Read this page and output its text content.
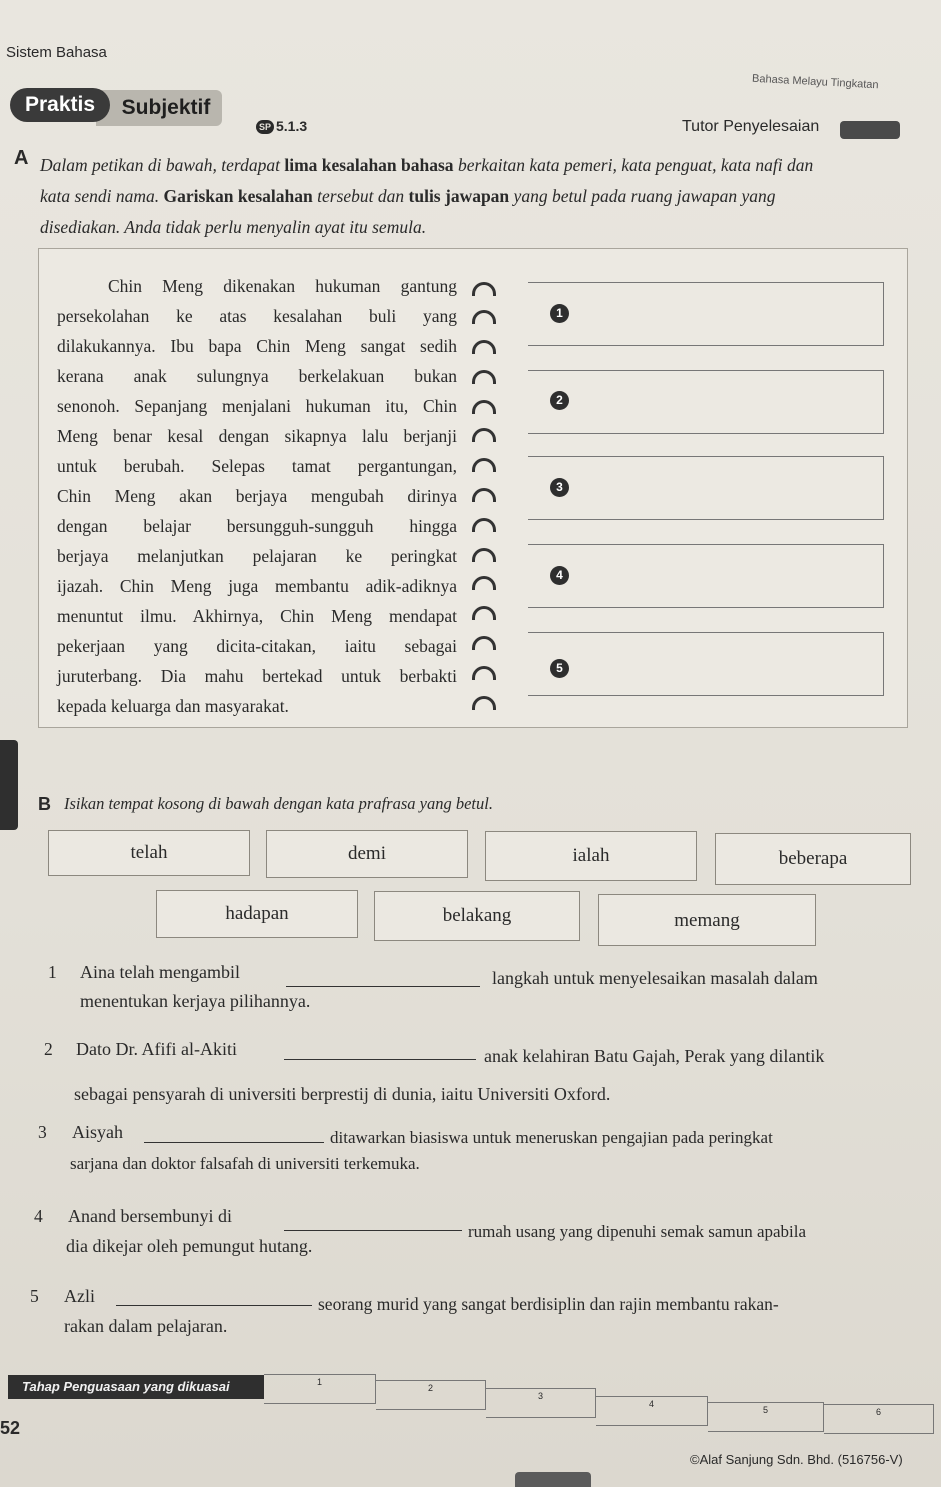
Sistem Bahasa
Bahasa Melayu Tingkatan
Subjektif
Praktis
SP 5.1.3	Tutor Penyelesaian
A Dalam petikan di bawah, terdapat lima kesalahan bahasa berkaitan kata pemeri, kata penguat, kata nafi dan
kata sendi nama. Gariskan kesalahan tersebut dan tulis jawapan yang betul pada ruang jawapan yang
disediakan. Anda tidak perlu menyalin ayat itu semula.
Chin Meng dikenakan hukuman gantung
persekolahan ke atas kesalahan buli yang
dilakukannya. Ibu bapa Chin Meng sangat sedih
kerana anak sulungnya berkelakuan bukan
senonoh. Sepanjang menjalani hukuman itu, Chin
Meng benar kesal dengan sikapnya lalu berjanji
untuk berubah. Selepas tamat pergantungan,
Chin Meng akan berjaya mengubah dirinya
dengan belajar bersungguh-sungguh hingga
berjaya melanjutkan pelajaran ke peringkat
ijazah. Chin Meng juga membantu adik-adiknya
menuntut ilmu. Akhirnya, Chin Meng mendapat
pekerjaan yang dicita-citakan, iaitu sebagai
juruterbang. Dia mahu bertekad untuk berbakti
kepada keluarga dan masyarakat.
1
2
3
4
5
B Isikan tempat kosong di bawah dengan kata prafrasa yang betul.
telah	demi	ialah	beberapa
hadapan	belakang	memang
1 Aina telah mengambil	langkah untuk menyelesaikan masalah dalam
menentukan kerjaya pilihannya.
2 Dato Dr. Afifi al-Akiti	anak kelahiran Batu Gajah, Perak yang dilantik
sebagai pensyarah di universiti berprestij di dunia, iaitu Universiti Oxford.
3 Aisyah	ditawarkan biasiswa untuk meneruskan pengajian pada peringkat
sarjana dan doktor falsafah di universiti terkemuka.
4 Anand bersembunyi di
rumah usang yang dipenuhi semak samun apabila
dia dikejar oleh pemungut hutang.
5 Azli	seorang murid yang sangat berdisiplin dan rajin membantu rakan-
rakan dalam pelajaran.
Tahap Penguasaan yang dikuasai	1
2
3
4
5	6
52
©Alaf Sanjung Sdn. Bhd. (516756-V)
